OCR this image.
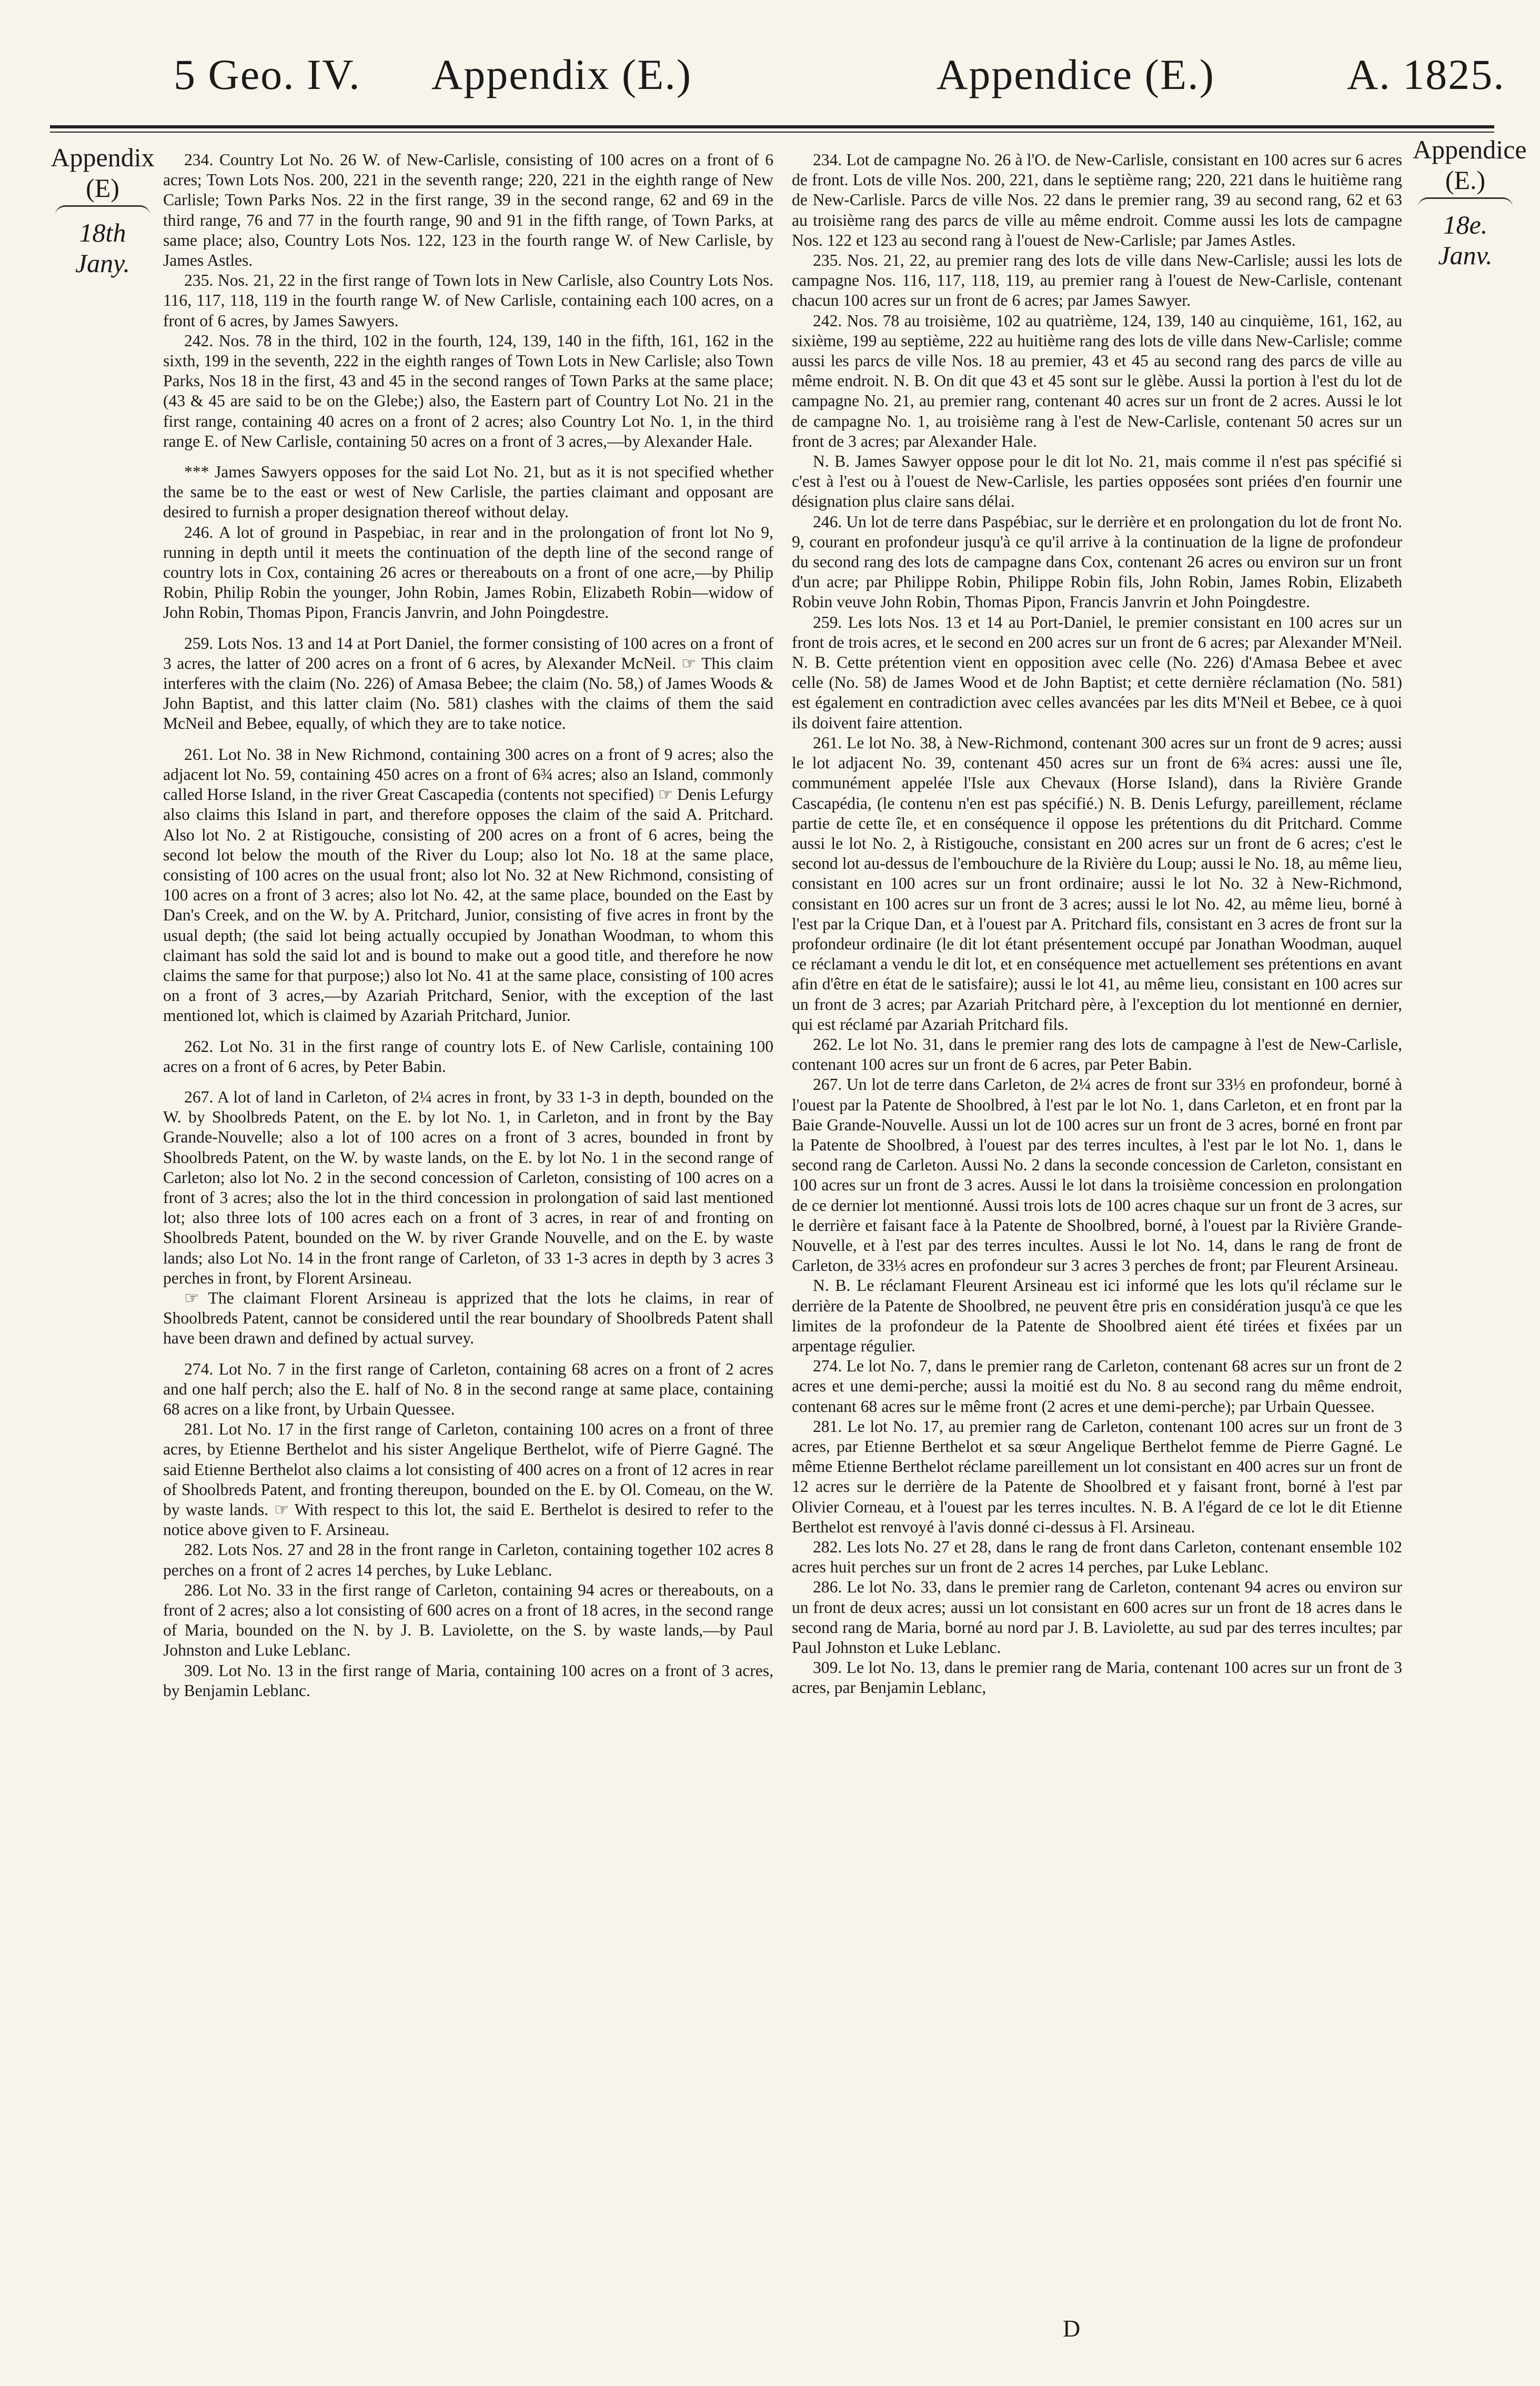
5 Geo. IV. Appendix (E.)	Appendice (E.)	A. 1825.
Appendix
(E)
18th Jany.
Appendice
(E.)
18e. Janv.

234. Country Lot No. 26 W. of New-Carlisle, consisting of 100 acres on a front of 6 acres; Town Lots Nos. 200, 221 in the seventh range; 220, 221 in the eighth range of New Carlisle; Town Parks Nos. 22 in the first range, 39 in the second range, 62 and 69 in the third range, 76 and 77 in the fourth range, 90 and 91 in the fifth range, of Town Parks, at same place; also, Country Lots Nos. 122, 123 in the fourth range W. of New Carlisle, by James Astles.

235. Nos. 21, 22 in the first range of Town lots in New Carlisle, also Country Lots Nos. 116, 117, 118, 119 in the fourth range W. of New Carlisle, containing each 100 acres, on a front of 6 acres, by James Sawyers.

242. Nos. 78 in the third, 102 in the fourth, 124, 139, 140 in the fifth, 161, 162 in the sixth, 199 in the seventh, 222 in the eighth ranges of Town Lots in New Carlisle; also Town Parks, Nos 18 in the first, 43 and 45 in the second ranges of Town Parks at the same place; (43 & 45 are said to be on the Glebe;) also, the Eastern part of Country Lot No. 21 in the first range, containing 40 acres on a front of 2 acres; also Country Lot No. 1, in the third range E. of New Carlisle, containing 50 acres on a front of 3 acres,—by Alexander Hale.

*** James Sawyers opposes for the said Lot No. 21, but as it is not specified whether the same be to the east or west of New Carlisle, the parties claimant and opposant are desired to furnish a proper designation thereof without delay.

246. A lot of ground in Paspebiac, in rear and in the prolongation of front lot No 9, running in depth until it meets the continuation of the depth line of the second range of country lots in Cox, containing 26 acres or thereabouts on a front of one acre,—by Philip Robin, Philip Robin the younger, John Robin, James Robin, Elizabeth Robin—widow of John Robin, Thomas Pipon, Francis Janvrin, and John Poingdestre.

259. Lots Nos. 13 and 14 at Port Daniel, the former consisting of 100 acres on a front of 3 acres, the latter of 200 acres on a front of 6 acres, by Alexander McNeil. ☞ This claim interferes with the claim (No. 226) of Amasa Bebee; the claim (No. 58,) of James Woods & John Baptist, and this latter claim (No. 581) clashes with the claims of them the said McNeil and Bebee, equally, of which they are to take notice.

261. Lot No. 38 in New Richmond, containing 300 acres on a front of 9 acres; also the adjacent lot No. 59, containing 450 acres on a front of 6¾ acres; also an Island, commonly called Horse Island, in the river Great Cascapedia (contents not specified) ☞ Denis Lefurgy also claims this Island in part, and therefore opposes the claim of the said A. Pritchard. Also lot No. 2 at Ristigouche, consisting of 200 acres on a front of 6 acres, being the second lot below the mouth of the River du Loup; also lot No. 18 at the same place, consisting of 100 acres on the usual front; also lot No. 32 at New Richmond, consisting of 100 acres on a front of 3 acres; also lot No. 42, at the same place, bounded on the East by Dan's Creek, and on the W. by A. Pritchard, Junior, consisting of five acres in front by the usual depth; (the said lot being actually occupied by Jonathan Woodman, to whom this claimant has sold the said lot and is bound to make out a good title, and therefore he now claims the same for that purpose;) also lot No. 41 at the same place, consisting of 100 acres on a front of 3 acres,—by Azariah Pritchard, Senior, with the exception of the last mentioned lot, which is claimed by Azariah Pritchard, Junior.

262. Lot No. 31 in the first range of country lots E. of New Carlisle, containing 100 acres on a front of 6 acres, by Peter Babin.

267. A lot of land in Carleton, of 2¼ acres in front, by 33 1-3 in depth, bounded on the W. by Shoolbreds Patent, on the E. by lot No. 1, in Carleton, and in front by the Bay Grande-Nouvelle; also a lot of 100 acres on a front of 3 acres, bounded in front by Shoolbreds Patent, on the W. by waste lands, on the E. by lot No. 1 in the second range of Carleton; also lot No. 2 in the second concession of Carleton, consisting of 100 acres on a front of 3 acres; also the lot in the third concession in prolongation of said last mentioned lot; also three lots of 100 acres each on a front of 3 acres, in rear of and fronting on Shoolbreds Patent, bounded on the W. by river Grande Nouvelle, and on the E. by waste lands; also Lot No. 14 in the front range of Carleton, of 33 1-3 acres in depth by 3 acres 3 perches in front, by Florent Arsineau.

☞ The claimant Florent Arsineau is apprized that the lots he claims, in rear of Shoolbreds Patent, cannot be considered until the rear boundary of Shoolbreds Patent shall have been drawn and defined by actual survey.

274. Lot No. 7 in the first range of Carleton, containing 68 acres on a front of 2 acres and one half perch; also the E. half of No. 8 in the second range at same place, containing 68 acres on a like front, by Urbain Quessee.

281. Lot No. 17 in the first range of Carleton, containing 100 acres on a front of three acres, by Etienne Berthelot and his sister Angelique Berthelot, wife of Pierre Gagné. The said Etienne Berthelot also claims a lot consisting of 400 acres on a front of 12 acres in rear of Shoolbreds Patent, and fronting thereupon, bounded on the E. by Ol. Comeau, on the W. by waste lands. ☞ With respect to this lot, the said E. Berthelot is desired to refer to the notice above given to F. Arsineau.

282. Lots Nos. 27 and 28 in the front range in Carleton, containing together 102 acres 8 perches on a front of 2 acres 14 perches, by Luke Leblanc.

286. Lot No. 33 in the first range of Carleton, containing 94 acres or thereabouts, on a front of 2 acres; also a lot consisting of 600 acres on a front of 18 acres, in the second range of Maria, bounded on the N. by J. B. Laviolette, on the S. by waste lands,—by Paul Johnston and Luke Leblanc.

309. Lot No. 13 in the first range of Maria, containing 100 acres on a front of 3 acres, by Benjamin Leblanc.

234. Lot de campagne No. 26 à l'O. de New-Carlisle, consistant en 100 acres sur 6 acres de front. Lots de ville Nos. 200, 221, dans le septième rang; 220, 221 dans le huitième rang de New-Carlisle. Parcs de ville Nos. 22 dans le premier rang, 39 au second rang, 62 et 63 au troisième rang des parcs de ville au même endroit. Comme aussi les lots de campagne Nos. 122 et 123 au second rang à l'ouest de New-Carlisle; par James Astles.

235. Nos. 21, 22, au premier rang des lots de ville dans New-Carlisle; aussi les lots de campagne Nos. 116, 117, 118, 119, au premier rang à l'ouest de New-Carlisle, contenant chacun 100 acres sur un front de 6 acres; par James Sawyer.

242. Nos. 78 au troisième, 102 au quatrième, 124, 139, 140 au cinquième, 161, 162, au sixième, 199 au septième, 222 au huitième rang des lots de ville dans New-Carlisle; comme aussi les parcs de ville Nos. 18 au premier, 43 et 45 au second rang des parcs de ville au même endroit. N. B. On dit que 43 et 45 sont sur le glèbe. Aussi la portion à l'est du lot de campagne No. 21, au premier rang, contenant 40 acres sur un front de 2 acres. Aussi le lot de campagne No. 1, au troisième rang à l'est de New-Carlisle, contenant 50 acres sur un front de 3 acres; par Alexander Hale.

N. B. James Sawyer oppose pour le dit lot No. 21, mais comme il n'est pas spécifié si c'est à l'est ou à l'ouest de New-Carlisle, les parties opposées sont priées d'en fournir une désignation plus claire sans délai.

246. Un lot de terre dans Paspébiac, sur le derrière et en prolongation du lot de front No. 9, courant en profondeur jusqu'à ce qu'il arrive à la continuation de la ligne de profondeur du second rang des lots de campagne dans Cox, contenant 26 acres ou environ sur un front d'un acre; par Philippe Robin, Philippe Robin fils, John Robin, James Robin, Elizabeth Robin veuve John Robin, Thomas Pipon, Francis Janvrin et John Poingdestre.

259. Les lots Nos. 13 et 14 au Port-Daniel, le premier consistant en 100 acres sur un front de trois acres, et le second en 200 acres sur un front de 6 acres; par Alexander M'Neil. N. B. Cette prétention vient en opposition avec celle (No. 226) d'Amasa Bebee et avec celle (No. 58) de James Wood et de John Baptist; et cette dernière réclamation (No. 581) est également en contradiction avec celles avancées par les dits M'Neil et Bebee, ce à quoi ils doivent faire attention.

261. Le lot No. 38, à New-Richmond, contenant 300 acres sur un front de 9 acres; aussi le lot adjacent No. 39, contenant 450 acres sur un front de 6¾ acres: aussi une île, communément appelée l'Isle aux Chevaux (Horse Island), dans la Rivière Grande Cascapédia, (le contenu n'en est pas spécifié.) N. B. Denis Lefurgy, pareillement, réclame partie de cette île, et en conséquence il oppose les prétentions du dit Pritchard. Comme aussi le lot No. 2, à Ristigouche, consistant en 200 acres sur un front de 6 acres; c'est le second lot au-dessus de l'embouchure de la Rivière du Loup; aussi le No. 18, au même lieu, consistant en 100 acres sur un front ordinaire; aussi le lot No. 32 à New-Richmond, consistant en 100 acres sur un front de 3 acres; aussi le lot No. 42, au même lieu, borné à l'est par la Crique Dan, et à l'ouest par A. Pritchard fils, consistant en 3 acres de front sur la profondeur ordinaire (le dit lot étant présentement occupé par Jonathan Woodman, auquel ce réclamant a vendu le dit lot, et en conséquence met actuellement ses prétentions en avant afin d'être en état de le satisfaire); aussi le lot 41, au même lieu, consistant en 100 acres sur un front de 3 acres; par Azariah Pritchard père, à l'exception du lot mentionné en dernier, qui est réclamé par Azariah Pritchard fils.

262. Le lot No. 31, dans le premier rang des lots de campagne à l'est de New-Carlisle, contenant 100 acres sur un front de 6 acres, par Peter Babin.

267. Un lot de terre dans Carleton, de 2¼ acres de front sur 33⅓ en profondeur, borné à l'ouest par la Patente de Shoolbred, à l'est par le lot No. 1, dans Carleton, et en front par la Baie Grande-Nouvelle. Aussi un lot de 100 acres sur un front de 3 acres, borné en front par la Patente de Shoolbred, à l'ouest par des terres incultes, à l'est par le lot No. 1, dans le second rang de Carleton. Aussi No. 2 dans la seconde concession de Carleton, consistant en 100 acres sur un front de 3 acres. Aussi le lot dans la troisième concession en prolongation de ce dernier lot mentionné. Aussi trois lots de 100 acres chaque sur un front de 3 acres, sur le derrière et faisant face à la Patente de Shoolbred, borné, à l'ouest par la Rivière Grande-Nouvelle, et à l'est par des terres incultes. Aussi le lot No. 14, dans le rang de front de Carleton, de 33⅓ acres en profondeur sur 3 acres 3 perches de front; par Fleurent Arsineau.

N. B. Le réclamant Fleurent Arsineau est ici informé que les lots qu'il réclame sur le derrière de la Patente de Shoolbred, ne peuvent être pris en considération jusqu'à ce que les limites de la profondeur de la Patente de Shoolbred aient été tirées et fixées par un arpentage régulier.

274. Le lot No. 7, dans le premier rang de Carleton, contenant 68 acres sur un front de 2 acres et une demi-perche; aussi la moitié est du No. 8 au second rang du même endroit, contenant 68 acres sur le même front (2 acres et une demi-perche); par Urbain Quessee.

281. Le lot No. 17, au premier rang de Carleton, contenant 100 acres sur un front de 3 acres, par Etienne Berthelot et sa sœur Angelique Berthelot femme de Pierre Gagné. Le même Etienne Berthelot réclame pareillement un lot consistant en 400 acres sur un front de 12 acres sur le derrière de la Patente de Shoolbred et y faisant front, borné à l'est par Olivier Corneau, et à l'ouest par les terres incultes. N. B. A l'égard de ce lot le dit Etienne Berthelot est renvoyé à l'avis donné ci-dessus à Fl. Arsineau.

282. Les lots No. 27 et 28, dans le rang de front dans Carleton, contenant ensemble 102 acres huit perches sur un front de 2 acres 14 perches, par Luke Leblanc.

286. Le lot No. 33, dans le premier rang de Carleton, contenant 94 acres ou environ sur un front de deux acres; aussi un lot consistant en 600 acres sur un front de 18 acres dans le second rang de Maria, borné au nord par J. B. Laviolette, au sud par des terres incultes; par Paul Johnston et Luke Leblanc.

309. Le lot No. 13, dans le premier rang de Maria, contenant 100 acres sur un front de 3 acres, par Benjamin Leblanc,

D
